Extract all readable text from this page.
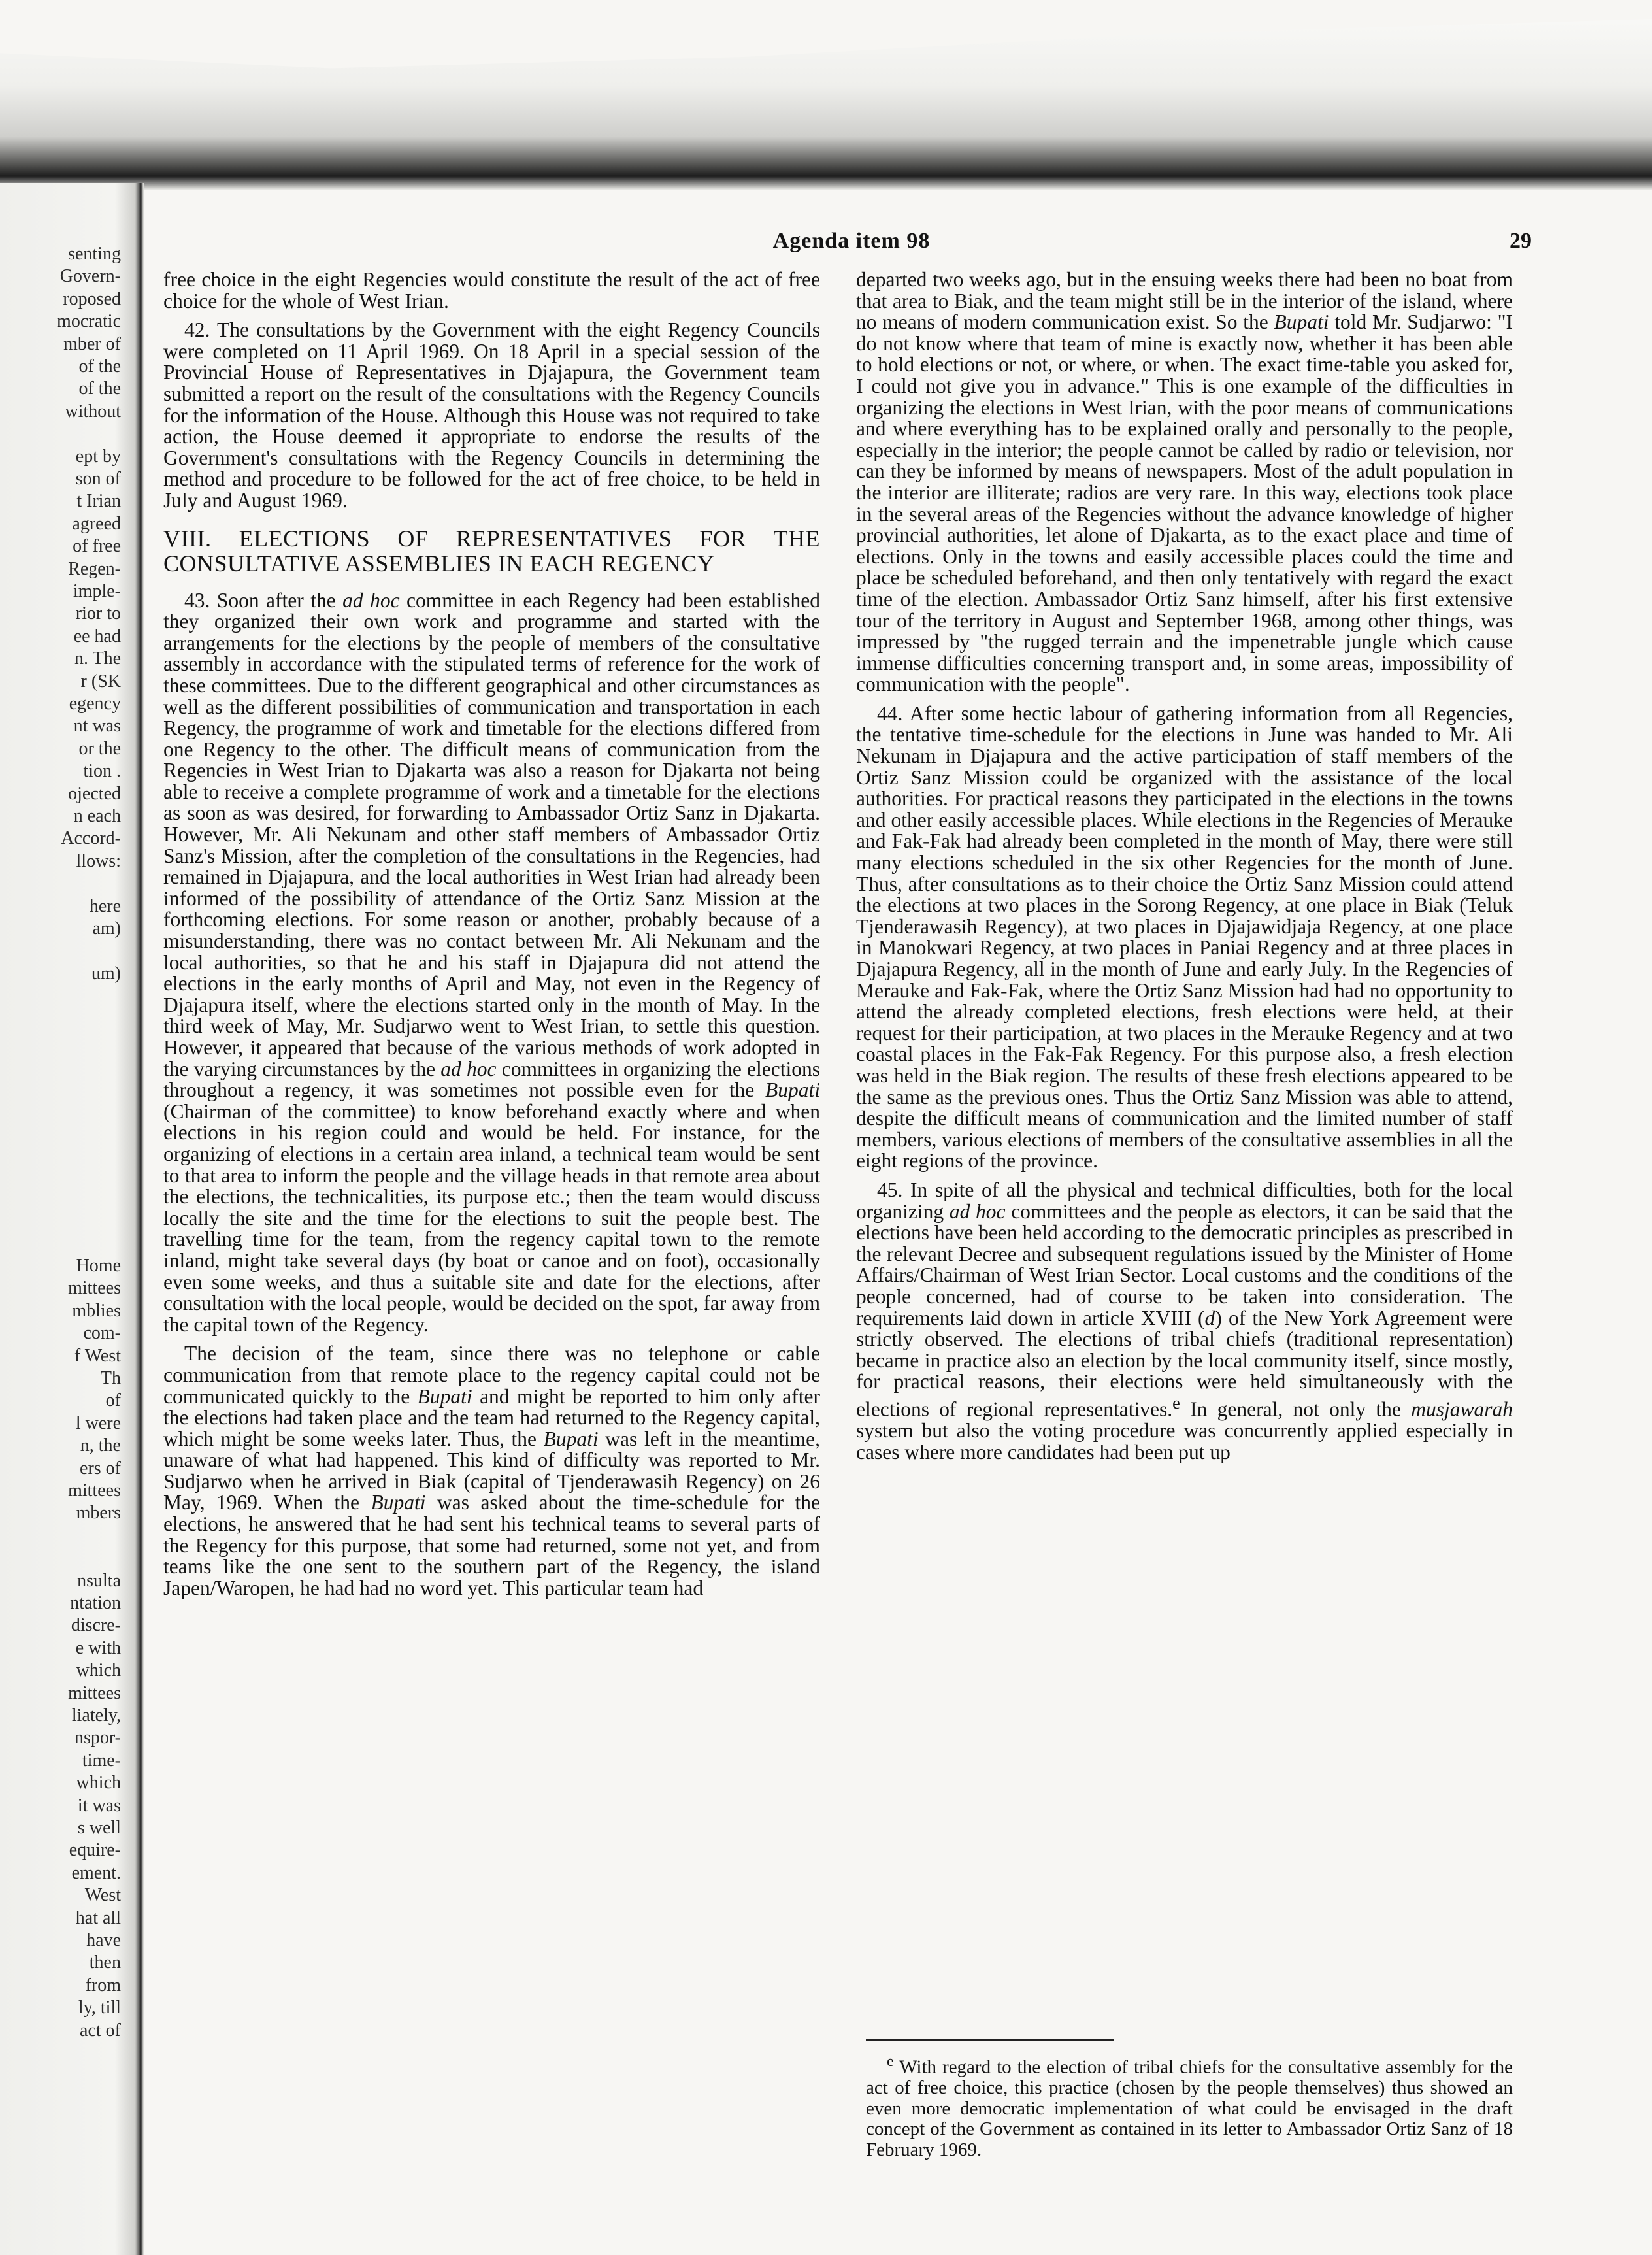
senting
Govern-
roposed
mocratic
mber of
of the
of the
without
ept by
son of
t Irian
agreed
of free
Regen-
imple-
rior to
ee had
n. The
r (SK
egency
nt was
or the
tion .
ojected
n each
Accord-
llows:
here
am)
um)
Home
mittees
mblies
com-
f West
Th
of
l were
n, the
ers of
mittees
mbers
nsulta
ntation
discre-
e with
which
mittees
liately,
nspor-
time-
which
it was
s well
equire-
ement.
West
hat all
have
then
from
ly, till
act of
Agenda item 98	29

free choice in the eight Regencies would constitute the result of the act of free choice for the whole of West Irian.

42. The consultations by the Government with the eight Regency Councils were completed on 11 April 1969. On 18 April in a special session of the Provincial House of Representatives in Djajapura, the Government team submitted a report on the result of the consultations with the Regency Councils for the information of the House. Although this House was not required to take action, the House deemed it appropriate to endorse the results of the Government's consultations with the Regency Councils in determining the method and procedure to be followed for the act of free choice, to be held in July and August 1969.

VIII. ELECTIONS OF REPRESENTATIVES FOR THE CONSULTATIVE ASSEMBLIES IN EACH REGENCY

43. Soon after the ad hoc committee in each Regency had been established they organized their own work and programme and started with the arrangements for the elections by the people of members of the consultative assembly in accordance with the stipulated terms of reference for the work of these committees. Due to the different geographical and other circumstances as well as the different possibilities of communication and transportation in each Regency, the programme of work and timetable for the elections differed from one Regency to the other. The difficult means of communication from the Regencies in West Irian to Djakarta was also a reason for Djakarta not being able to receive a complete programme of work and a timetable for the elections as soon as was desired, for forwarding to Ambassador Ortiz Sanz in Djakarta. However, Mr. Ali Nekunam and other staff members of Ambassador Ortiz Sanz's Mission, after the completion of the consultations in the Regencies, had remained in Djajapura, and the local authorities in West Irian had already been informed of the possibility of attendance of the Ortiz Sanz Mission at the forthcoming elections. For some reason or another, probably because of a misunderstanding, there was no contact between Mr. Ali Nekunam and the local authorities, so that he and his staff in Djajapura did not attend the elections in the early months of April and May, not even in the Regency of Djajapura itself, where the elections started only in the month of May. In the third week of May, Mr. Sudjarwo went to West Irian, to settle this question. However, it appeared that because of the various methods of work adopted in the varying circumstances by the ad hoc committees in organizing the elections throughout a regency, it was sometimes not possible even for the Bupati (Chairman of the committee) to know beforehand exactly where and when elections in his region could and would be held. For instance, for the organizing of elections in a certain area inland, a technical team would be sent to that area to inform the people and the village heads in that remote area about the elections, the technicalities, its purpose etc.; then the team would discuss locally the site and the time for the elections to suit the people best. The travelling time for the team, from the regency capital town to the remote inland, might take several days (by boat or canoe and on foot), occasionally even some weeks, and thus a suitable site and date for the elections, after consultation with the local people, would be decided on the spot, far away from the capital town of the Regency.

The decision of the team, since there was no telephone or cable communication from that remote place to the regency capital could not be communicated quickly to the Bupati and might be reported to him only after the elections had taken place and the team had returned to the Regency capital, which might be some weeks later. Thus, the Bupati was left in the meantime, unaware of what had happened. This kind of difficulty was reported to Mr. Sudjarwo when he arrived in Biak (capital of Tjenderawasih Regency) on 26 May, 1969. When the Bupati was asked about the time-schedule for the elections, he answered that he had sent his technical teams to several parts of the Regency for this purpose, that some had returned, some not yet, and from teams like the one sent to the southern part of the Regency, the island Japen/Waropen, he had had no word yet. This particular team had

departed two weeks ago, but in the ensuing weeks there had been no boat from that area to Biak, and the team might still be in the interior of the island, where no means of modern communication exist. So the Bupati told Mr. Sudjarwo: "I do not know where that team of mine is exactly now, whether it has been able to hold elections or not, or where, or when. The exact time-table you asked for, I could not give you in advance." This is one example of the difficulties in organizing the elections in West Irian, with the poor means of communications and where everything has to be explained orally and personally to the people, especially in the interior; the people cannot be called by radio or television, nor can they be informed by means of newspapers. Most of the adult population in the interior are illiterate; radios are very rare. In this way, elections took place in the several areas of the Regencies without the advance knowledge of higher provincial authorities, let alone of Djakarta, as to the exact place and time of elections. Only in the towns and easily accessible places could the time and place be scheduled beforehand, and then only tentatively with regard the exact time of the election. Ambassador Ortiz Sanz himself, after his first extensive tour of the territory in August and September 1968, among other things, was impressed by "the rugged terrain and the impenetrable jungle which cause immense difficulties concerning transport and, in some areas, impossibility of communication with the people".

44. After some hectic labour of gathering information from all Regencies, the tentative time-schedule for the elections in June was handed to Mr. Ali Nekunam in Djajapura and the active participation of staff members of the Ortiz Sanz Mission could be organized with the assistance of the local authorities. For practical reasons they participated in the elections in the towns and other easily accessible places. While elections in the Regencies of Merauke and Fak-Fak had already been completed in the month of May, there were still many elections scheduled in the six other Regencies for the month of June. Thus, after consultations as to their choice the Ortiz Sanz Mission could attend the elections at two places in the Sorong Regency, at one place in Biak (Teluk Tjenderawasih Regency), at two places in Djajawidjaja Regency, at one place in Manokwari Regency, at two places in Paniai Regency and at three places in Djajapura Regency, all in the month of June and early July. In the Regencies of Merauke and Fak-Fak, where the Ortiz Sanz Mission had had no opportunity to attend the already completed elections, fresh elections were held, at their request for their participation, at two places in the Merauke Regency and at two coastal places in the Fak-Fak Regency. For this purpose also, a fresh election was held in the Biak region. The results of these fresh elections appeared to be the same as the previous ones. Thus the Ortiz Sanz Mission was able to attend, despite the difficult means of communication and the limited number of staff members, various elections of members of the consultative assemblies in all the eight regions of the province.

45. In spite of all the physical and technical difficulties, both for the local organizing ad hoc committees and the people as electors, it can be said that the elections have been held according to the democratic principles as prescribed in the relevant Decree and subsequent regulations issued by the Minister of Home Affairs/Chairman of West Irian Sector. Local customs and the conditions of the people concerned, had of course to be taken into consideration. The requirements laid down in article XVIII (d) of the New York Agreement were strictly observed. The elections of tribal chiefs (traditional representation) became in practice also an election by the local community itself, since mostly, for practical reasons, their elections were held simultaneously with the elections of regional representatives.$^e$ In general, not only the musjawarah system but also the voting procedure was concurrently applied especially in cases where more candidates had been put up

$^e$ With regard to the election of tribal chiefs for the consultative assembly for the act of free choice, this practice (chosen by the people themselves) thus showed an even more democratic implementation of what could be envisaged in the draft concept of the Government as contained in its letter to Ambassador Ortiz Sanz of 18 February 1969.
